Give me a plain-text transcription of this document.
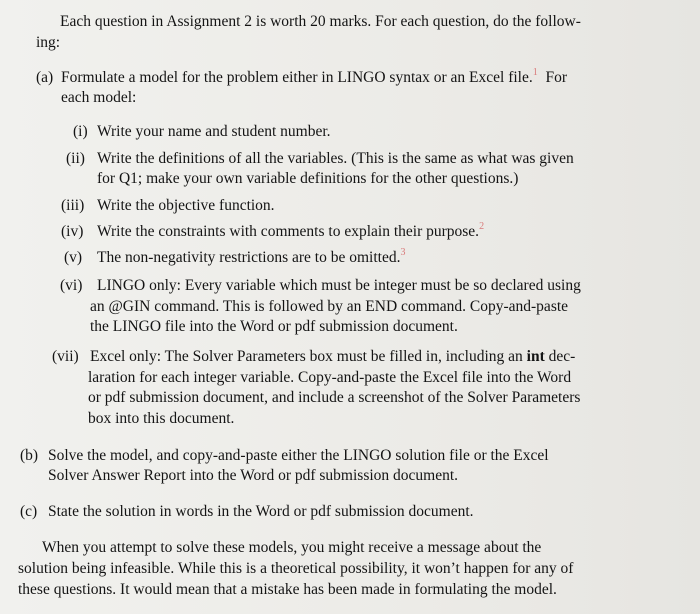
Each question in Assignment 2 is worth 20 marks. For each question, do the follow-
ing:
(a) Formulate a model for the problem either in LINGO syntax or an Excel file.$^1$ For
each model:
(i) Write your name and student number.
(ii) Write the definitions of all the variables. (This is the same as what was given
for Q1; make your own variable definitions for the other questions.)
(iii) Write the objective function.
(iv) Write the constraints with comments to explain their purpose.$^2$
(v) The non-negativity restrictions are to be omitted.$^3$
(vi) LINGO only: Every variable which must be integer must be so declared using
an @GIN command. This is followed by an END command. Copy-and-paste
the LINGO file into the Word or pdf submission document.
(vii) Excel only: The Solver Parameters box must be filled in, including an int dec-
laration for each integer variable. Copy-and-paste the Excel file into the Word
or pdf submission document, and include a screenshot of the Solver Parameters
box into this document.
(b) Solve the model, and copy-and-paste either the LINGO solution file or the Excel
Solver Answer Report into the Word or pdf submission document.
(c) State the solution in words in the Word or pdf submission document.
When you attempt to solve these models, you might receive a message about the
solution being infeasible. While this is a theoretical possibility, it won’t happen for any of
these questions. It would mean that a mistake has been made in formulating the model.
